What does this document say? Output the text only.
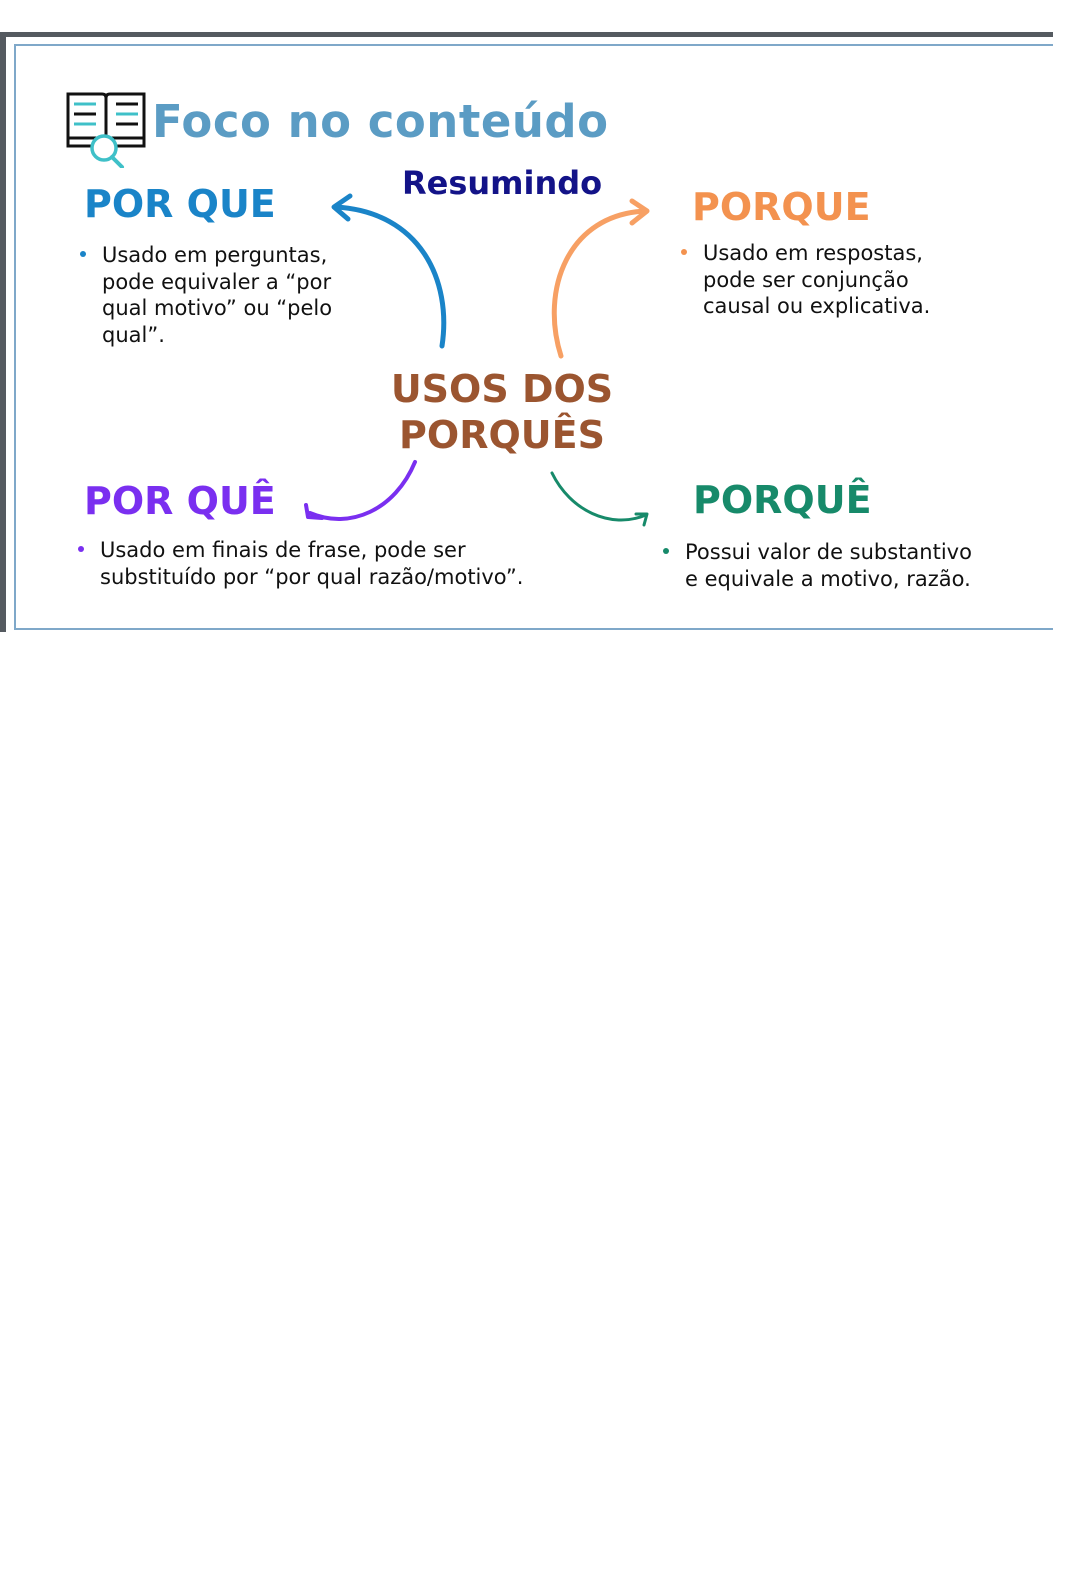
Foco no conteúdo
Resumindo
USOS DOS
PORQUÊS
POR QUE	PORQUE
POR QUÊ	PORQUÊ
Usado em perguntas,
pode equivaler a “por
qual motivo” ou “pelo
qual”.
Usado em respostas,
pode ser conjunção
causal ou explicativa.
Usado em finais de frase, pode ser
substituído por “por qual razão/motivo”.
Possui valor de substantivo
e equivale a motivo, razão.
